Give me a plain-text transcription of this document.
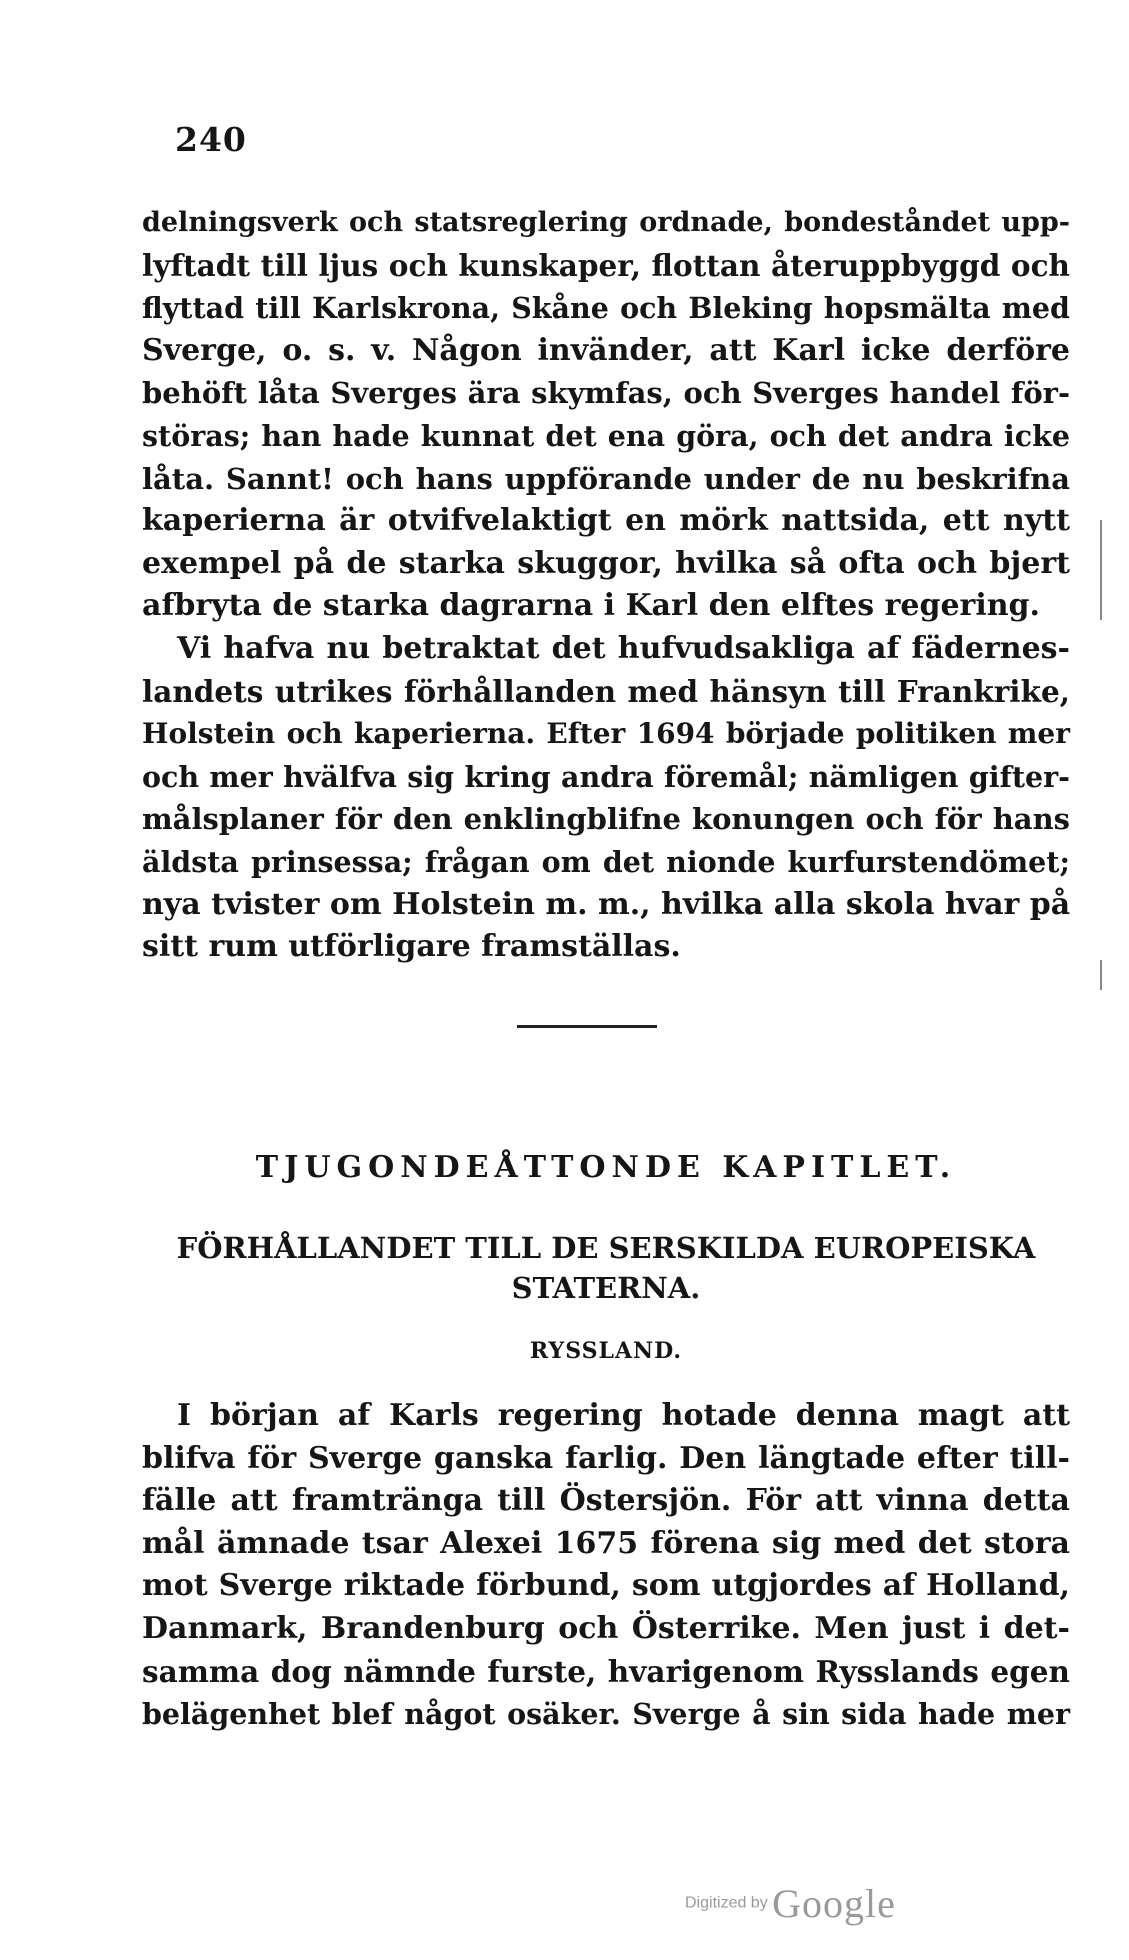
240
delningsverk och statsreglering ordnade, bondeståndet upp-
lyftadt till ljus och kunskaper, flottan återuppbyggd och
flyttad till Karlskrona, Skåne och Bleking hopsmälta med
Sverge, o. s. v. Någon invänder, att Karl icke derföre
behöft låta Sverges ära skymfas, och Sverges handel för-
störas; han hade kunnat det ena göra, och det andra icke
låta. Sannt! och hans uppförande under de nu beskrifna
kaperierna är otvifvelaktigt en mörk nattsida, ett nytt
exempel på de starka skuggor, hvilka så ofta och bjert
afbryta de starka dagrarna i Karl den elftes regering.
Vi hafva nu betraktat det hufvudsakliga af fädernes-
landets utrikes förhållanden med hänsyn till Frankrike,
Holstein och kaperierna. Efter 1694 började politiken mer
och mer hvälfva sig kring andra föremål; nämligen gifter-
målsplaner för den enklingblifne konungen och för hans
äldsta prinsessa; frågan om det nionde kurfurstendömet;
nya tvister om Holstein m. m., hvilka alla skola hvar på
sitt rum utförligare framställas.
TJUGONDEÅTTONDE KAPITLET.
FÖRHÅLLANDET TILL DE SERSKILDA EUROPEISKA
STATERNA.
RYSSLAND.
I början af Karls regering hotade denna magt att
blifva för Sverge ganska farlig. Den längtade efter till-
fälle att framtränga till Östersjön. För att vinna detta
mål ämnade tsar Alexei 1675 förena sig med det stora
mot Sverge riktade förbund, som utgjordes af Holland,
Danmark, Brandenburg och Österrike. Men just i det-
samma dog nämnde furste, hvarigenom Rysslands egen
belägenhet blef något osäker. Sverge å sin sida hade mer
Digitized by Google
